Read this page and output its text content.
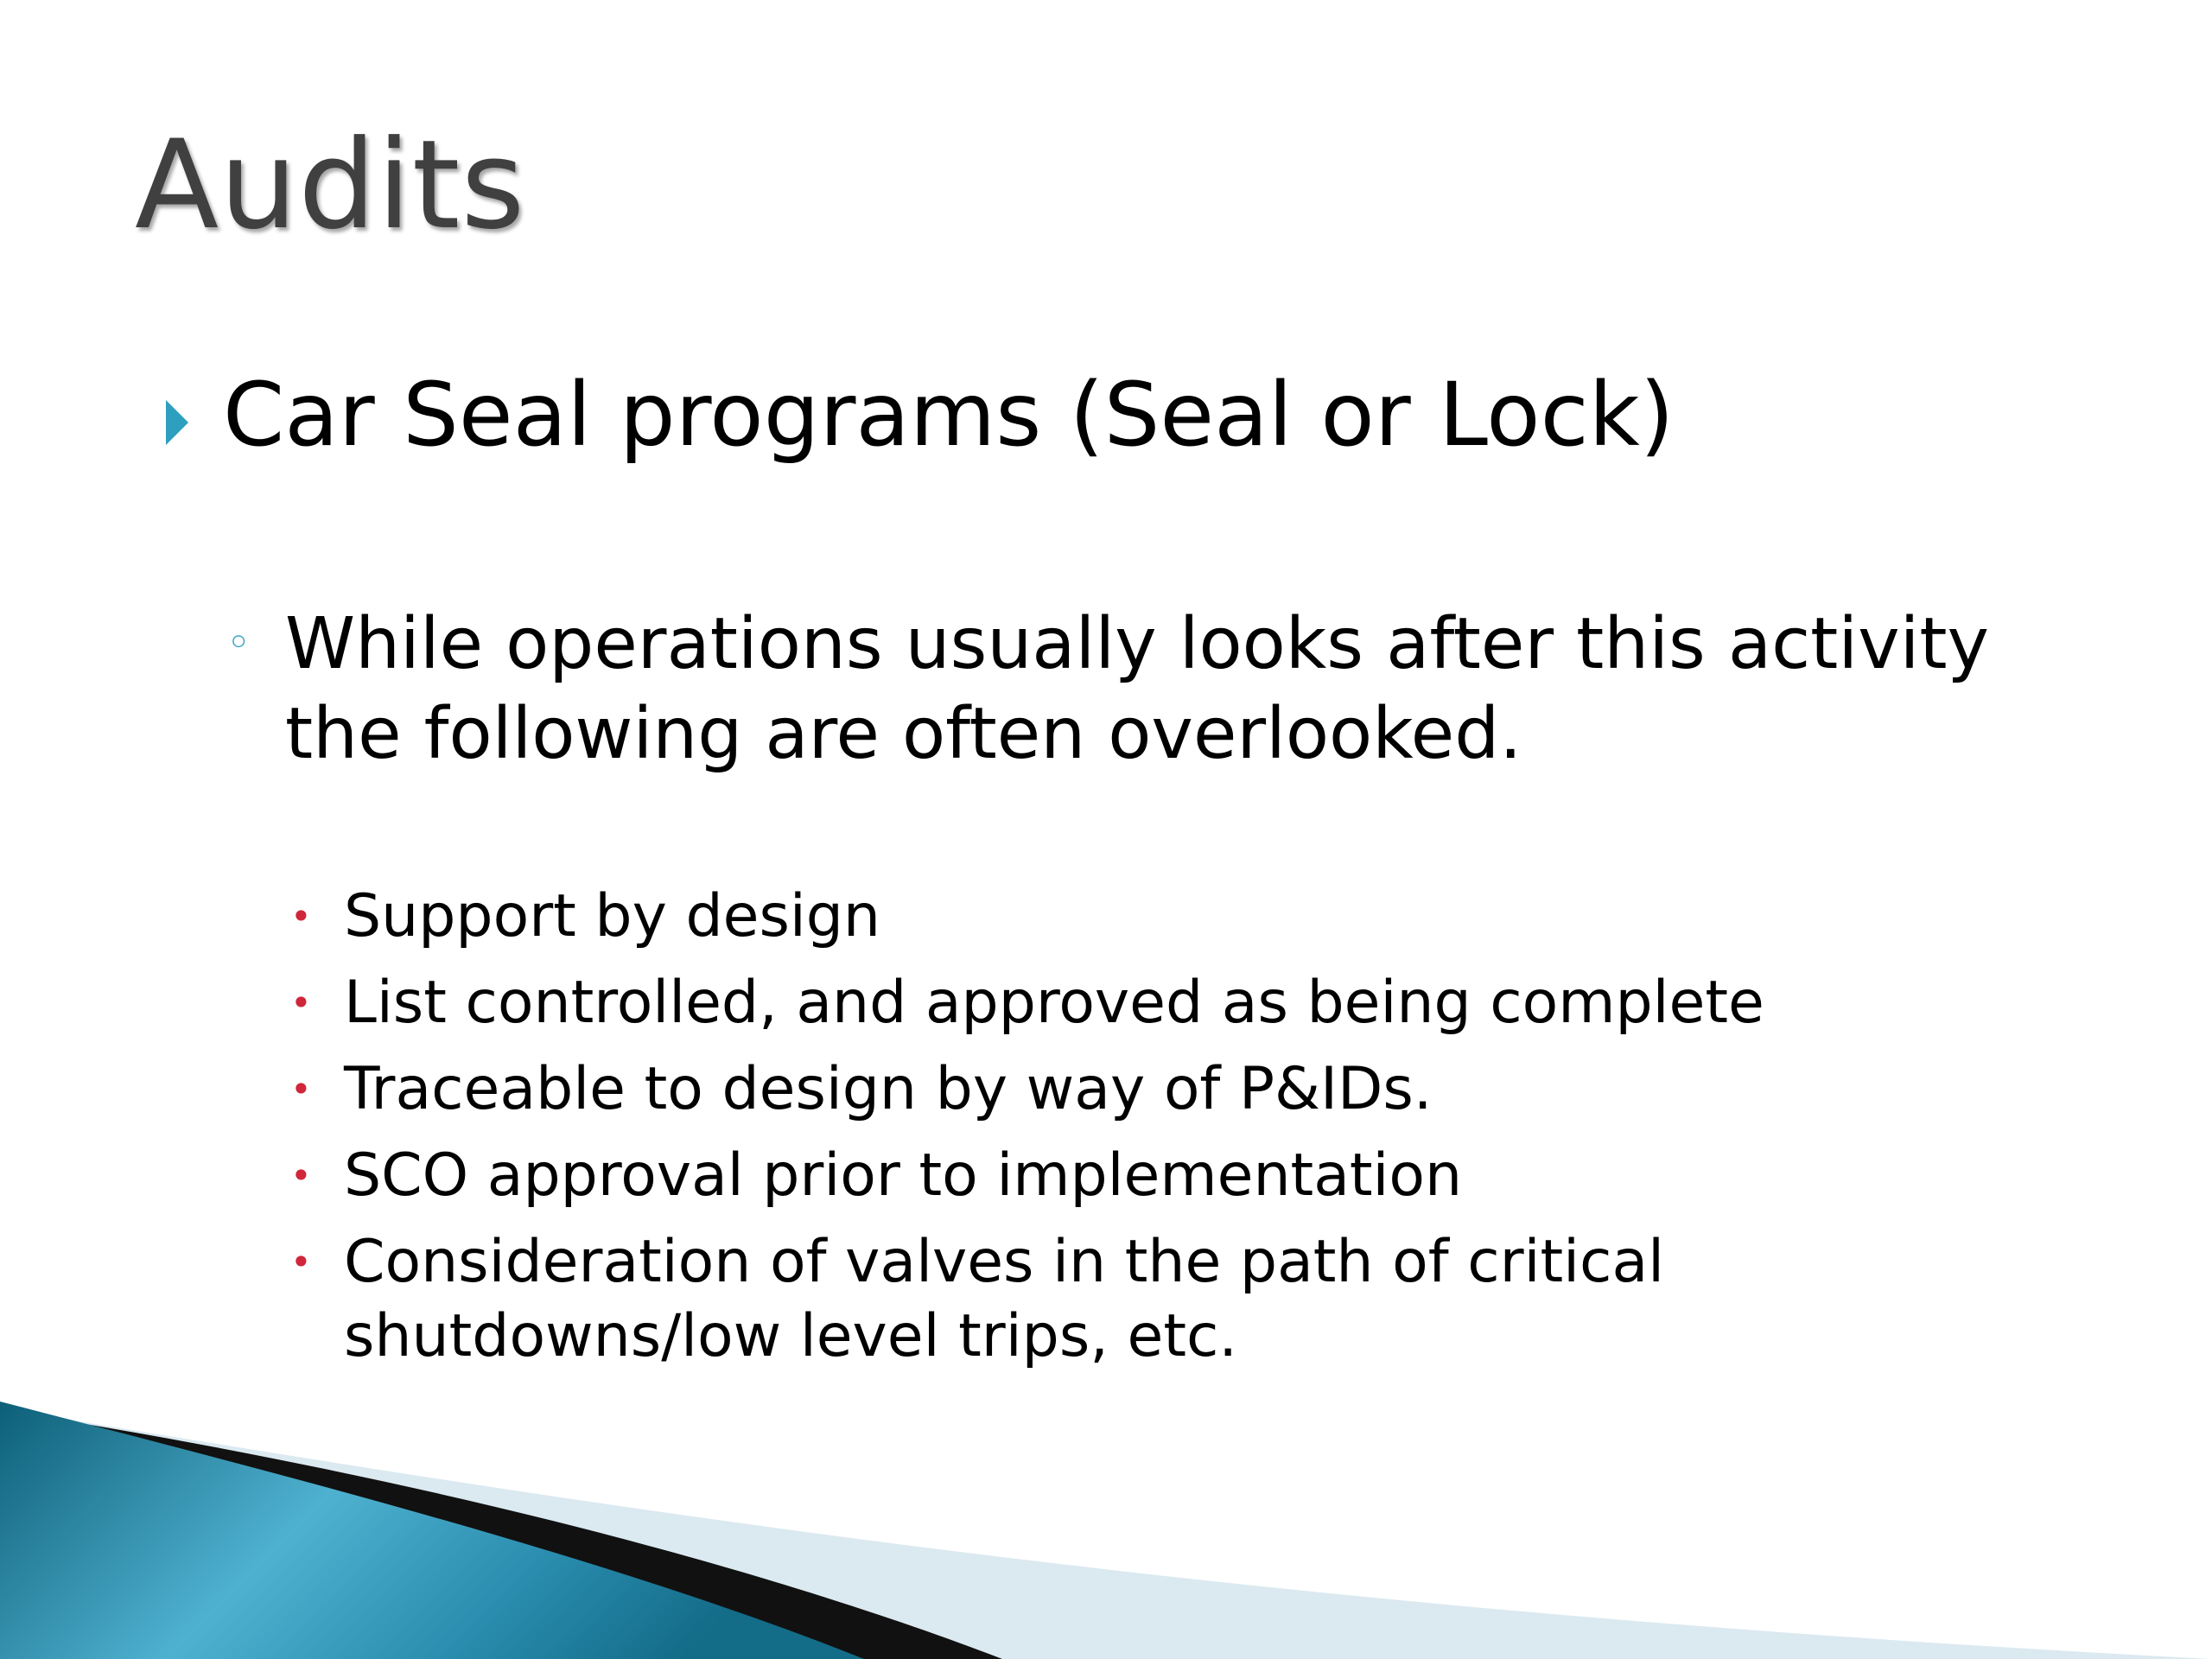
Audits
Car Seal programs (Seal or Lock)
◦ While operations usually looks after this activity the following are often overlooked.
• Support by design
• List controlled, and approved as being complete
• Traceable to design by way of P&IDs.
• SCO approval prior to implementation
• Consideration of valves in the path of critical shutdowns/low level trips, etc.
